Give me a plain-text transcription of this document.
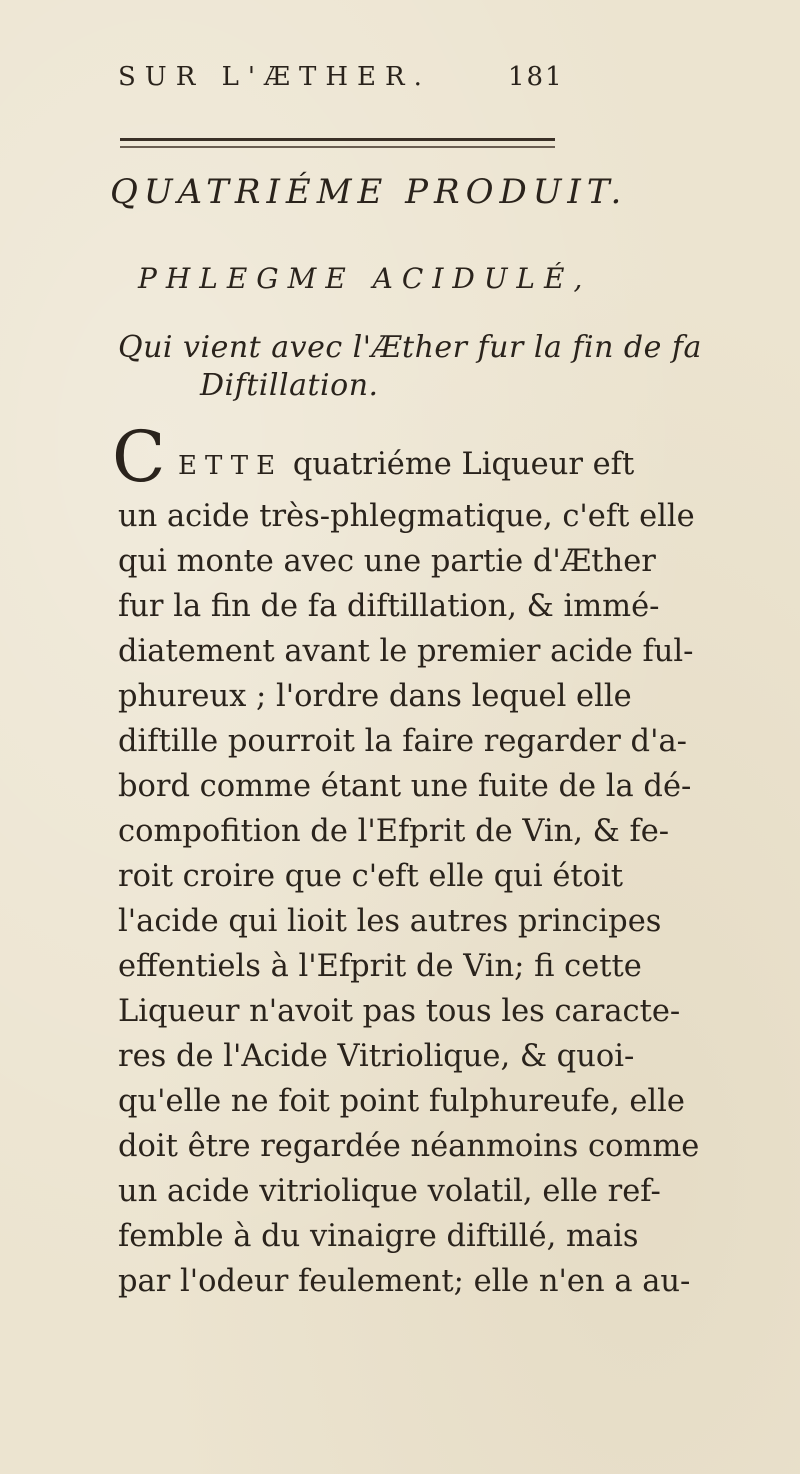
SUR L'ÆTHER.	181
QUATRIÉME PRODUIT.
PHLEGME ACIDULÉ,
Qui vient avec l'Æther fur la fin de fa
Diftillation.
C ETTE quatriéme Liqueur eft
un acide très-phlegmatique, c'eft elle
qui monte avec une partie d'Æther
fur la fin de fa diftillation, & immé-
diatement avant le premier acide ful-
phureux ; l'ordre dans lequel elle
diftille pourroit la faire regarder d'a-
bord comme étant une fuite de la dé-
compofition de l'Efprit de Vin, & fe-
roit croire que c'eft elle qui étoit
l'acide qui lioit les autres principes
effentiels à l'Efprit de Vin; fi cette
Liqueur n'avoit pas tous les caracte-
res de l'Acide Vitriolique, & quoi-
qu'elle ne foit point fulphureufe, elle
doit être regardée néanmoins comme
un acide vitriolique volatil, elle ref-
femble à du vinaigre diftillé, mais
par l'odeur feulement; elle n'en a au-
